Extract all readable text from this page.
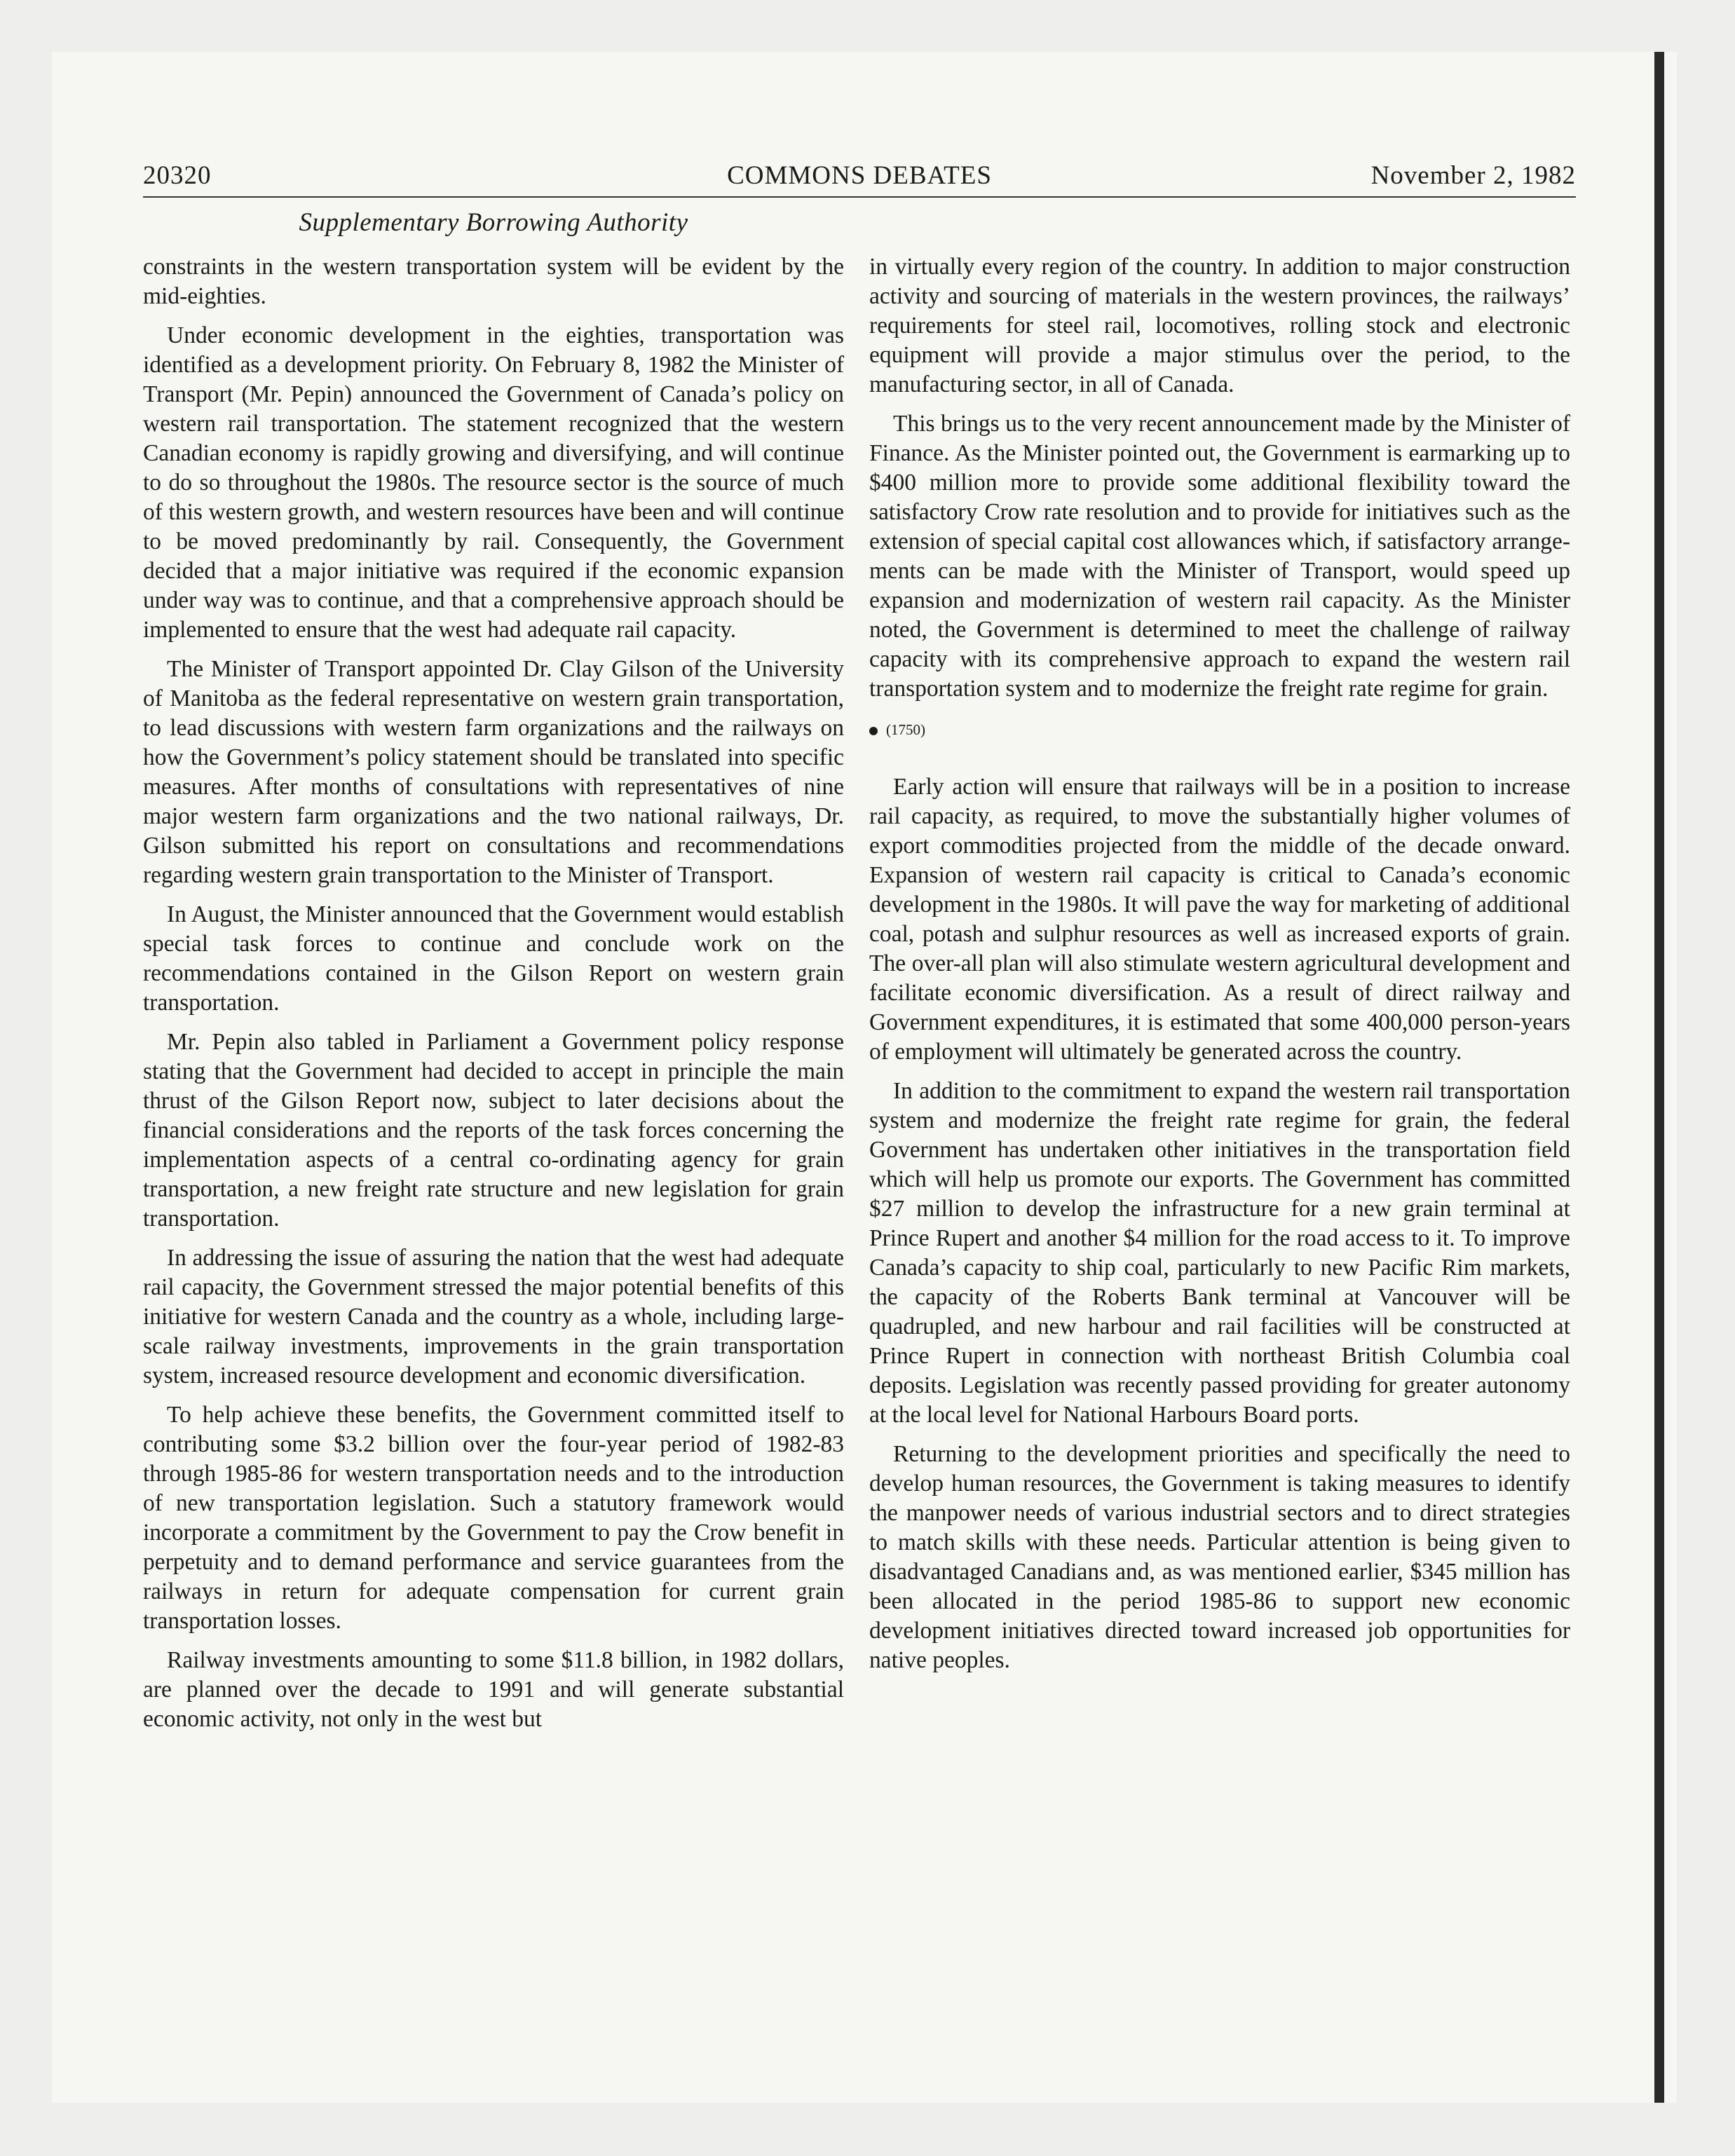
20320	COMMONS DEBATES	November 2, 1982
Supplementary Borrowing Authority

constraints in the western transportation system will be evident by the mid-eighties.

Under economic development in the eighties, transportation was identified as a development priority. On February 8, 1982 the Minister of Transport (Mr. Pepin) announced the Government of Canada’s policy on western rail transportation. The statement recognized that the western Canadian economy is rapidly growing and diversifying, and will continue to do so throughout the 1980s. The resource sector is the source of much of this western growth, and western resources have been and will continue to be moved predominantly by rail. Consequently, the Government decided that a major initiative was required if the economic expansion under way was to continue, and that a comprehensive approach should be implemented to ensure that the west had adequate rail capacity.

The Minister of Transport appointed Dr. Clay Gilson of the University of Manitoba as the federal representative on western grain transportation, to lead discussions with western farm organizations and the railways on how the Government’s policy statement should be translated into specific measures. After months of consultations with representatives of nine major western farm organizations and the two national railways, Dr. Gilson submitted his report on consultations and recommendations regarding western grain transportation to the Minister of Transport.

In August, the Minister announced that the Government would establish special task forces to continue and conclude work on the recommendations contained in the Gilson Report on western grain transportation.

Mr. Pepin also tabled in Parliament a Government policy response stating that the Government had decided to accept in principle the main thrust of the Gilson Report now, subject to later decisions about the financial considerations and the reports of the task forces concerning the implementation aspects of a central co-ordinating agency for grain transportation, a new freight rate structure and new legislation for grain transportation.

In addressing the issue of assuring the nation that the west had adequate rail capacity, the Government stressed the major potential benefits of this initiative for western Canada and the country as a whole, including large-scale railway investments, improvements in the grain transportation system, increased resource development and economic diversification.

To help achieve these benefits, the Government committed itself to contributing some $3.2 billion over the four-year period of 1982-83 through 1985-86 for western transportation needs and to the introduction of new transportation legislation. Such a statutory framework would incorporate a commitment by the Government to pay the Crow benefit in perpetuity and to demand performance and service guarantees from the railways in return for adequate compensation for current grain transportation losses.

Railway investments amounting to some $11.8 billion, in 1982 dollars, are planned over the decade to 1991 and will generate substantial economic activity, not only in the west but

in virtually every region of the country. In addition to major construction activity and sourcing of materials in the western provinces, the railways’ requirements for steel rail, locomotives, rolling stock and electronic equipment will provide a major stimulus over the period, to the manufacturing sector, in all of Canada.

This brings us to the very recent announcement made by the Minister of Finance. As the Minister pointed out, the Government is earmarking up to $400 million more to provide some additional flexibility toward the satisfactory Crow rate resolution and to provide for initiatives such as the extension of special capital cost allowances which, if satisfactory arrangements can be made with the Minister of Transport, would speed up expansion and modernization of western rail capacity. As the Minister noted, the Government is determined to meet the challenge of railway capacity with its comprehensive approach to expand the western rail transportation system and to modernize the freight rate regime for grain.

(1750)

Early action will ensure that railways will be in a position to increase rail capacity, as required, to move the substantially higher volumes of export commodities projected from the middle of the decade onward. Expansion of western rail capacity is critical to Canada’s economic development in the 1980s. It will pave the way for marketing of additional coal, potash and sulphur resources as well as increased exports of grain. The over-all plan will also stimulate western agricultural development and facilitate economic diversification. As a result of direct railway and Government expenditures, it is estimated that some 400,000 person-years of employment will ultimately be generated across the country.

In addition to the commitment to expand the western rail transportation system and modernize the freight rate regime for grain, the federal Government has undertaken other initiatives in the transportation field which will help us promote our exports. The Government has committed $27 million to develop the infrastructure for a new grain terminal at Prince Rupert and another $4 million for the road access to it. To improve Canada’s capacity to ship coal, particularly to new Pacific Rim markets, the capacity of the Roberts Bank terminal at Vancouver will be quadrupled, and new harbour and rail facilities will be constructed at Prince Rupert in connection with northeast British Columbia coal deposits. Legislation was recently passed providing for greater autonomy at the local level for National Harbours Board ports.

Returning to the development priorities and specifically the need to develop human resources, the Government is taking measures to identify the manpower needs of various industrial sectors and to direct strategies to match skills with these needs. Particular attention is being given to disadvantaged Canadians and, as was mentioned earlier, $345 million has been allocated in the period 1985-86 to support new economic development initiatives directed toward increased job opportunities for native peoples.
